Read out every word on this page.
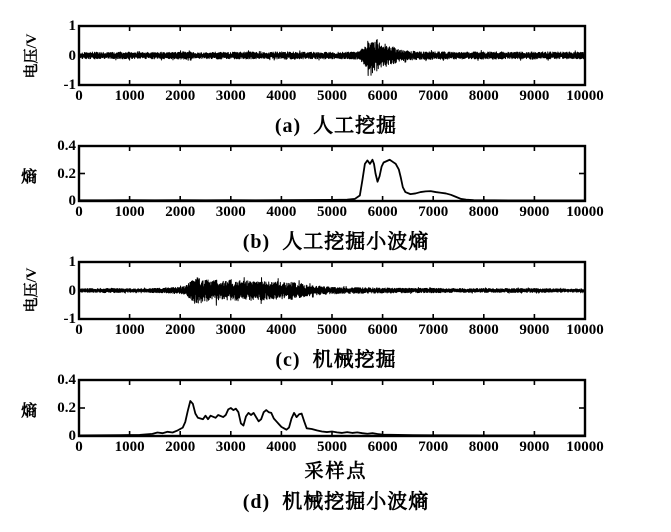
电压/V
熵
电压/V
熵
(a)  人工挖掘
(b)  人工挖掘小波熵
(c)  机械挖掘
采样点
(d)  机械挖掘小波熵
0 1000 2000 3000 4000 5000 6000 7000 8000 9000 10000
1
0
-1
0 1000 2000 3000 4000 5000 6000 7000 8000 9000 10000
0.4
0.2
0
0 1000 2000 3000 4000 5000 6000 7000 8000 9000 10000
1
0
-1
0 1000 2000 3000 4000 5000 6000 7000 8000 9000 10000
0.4
0.2
0
